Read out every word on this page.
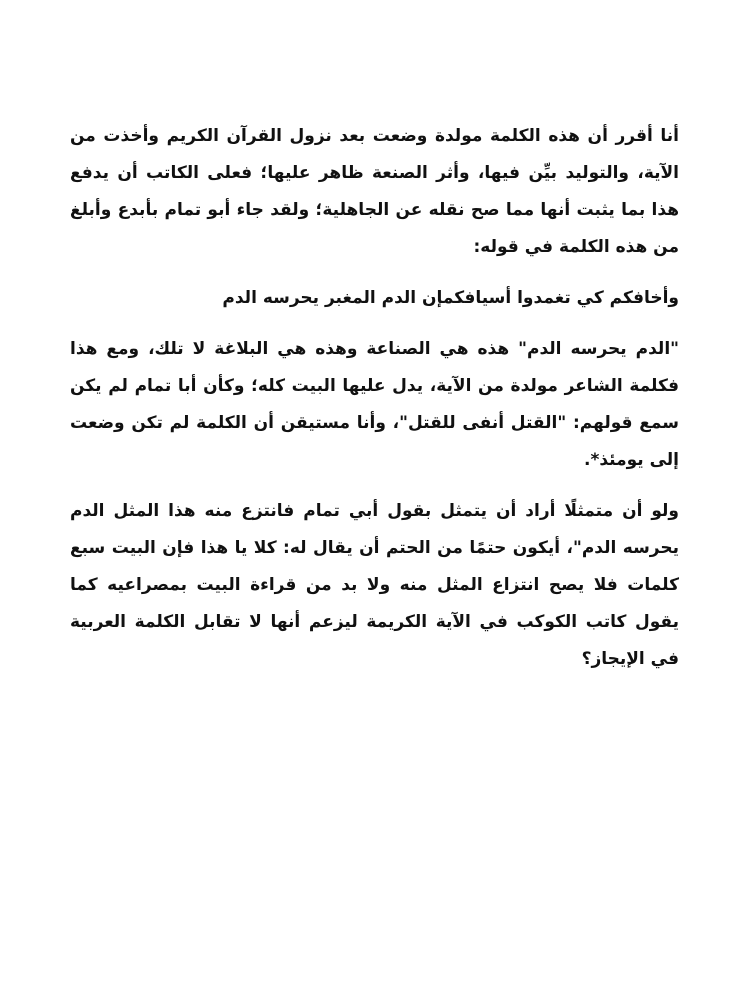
أنا أقرر أن هذه الكلمة مولدة وضعت بعد نزول القرآن الكريم وأخذت من الآية، والتوليد بيِّن فيها، وأثر الصنعة ظاهر عليها؛ فعلى الكاتب أن يدفع هذا بما يثبت أنها مما صح نقله عن الجاهلية؛ ولقد جاء أبو تمام بأبدع وأبلغ من هذه الكلمة في قوله:

وأخافكم كي تغمدوا أسيافكمإن الدم المغبر يحرسه الدم

"الدم يحرسه الدم" هذه هي الصناعة وهذه هي البلاغة لا تلك، ومع هذا فكلمة الشاعر مولدة من الآية، يدل عليها البيت كله؛ وكأن أبا تمام لم يكن سمع قولهم: "القتل أنفى للقتل"، وأنا مستيقن أن الكلمة لم تكن وضعت إلى يومئذ*.

ولو أن متمثلًا أراد أن يتمثل بقول أبي تمام فانتزع منه هذا المثل الدم يحرسه الدم"، أيكون حتمًا من الحتم أن يقال له: كلا يا هذا فإن البيت سبع كلمات فلا يصح انتزاع المثل منه ولا بد من قراءة البيت بمصراعيه كما يقول كاتب الكوكب في الآية الكريمة ليزعم أنها لا تقابل الكلمة العربية في الإيجاز؟
